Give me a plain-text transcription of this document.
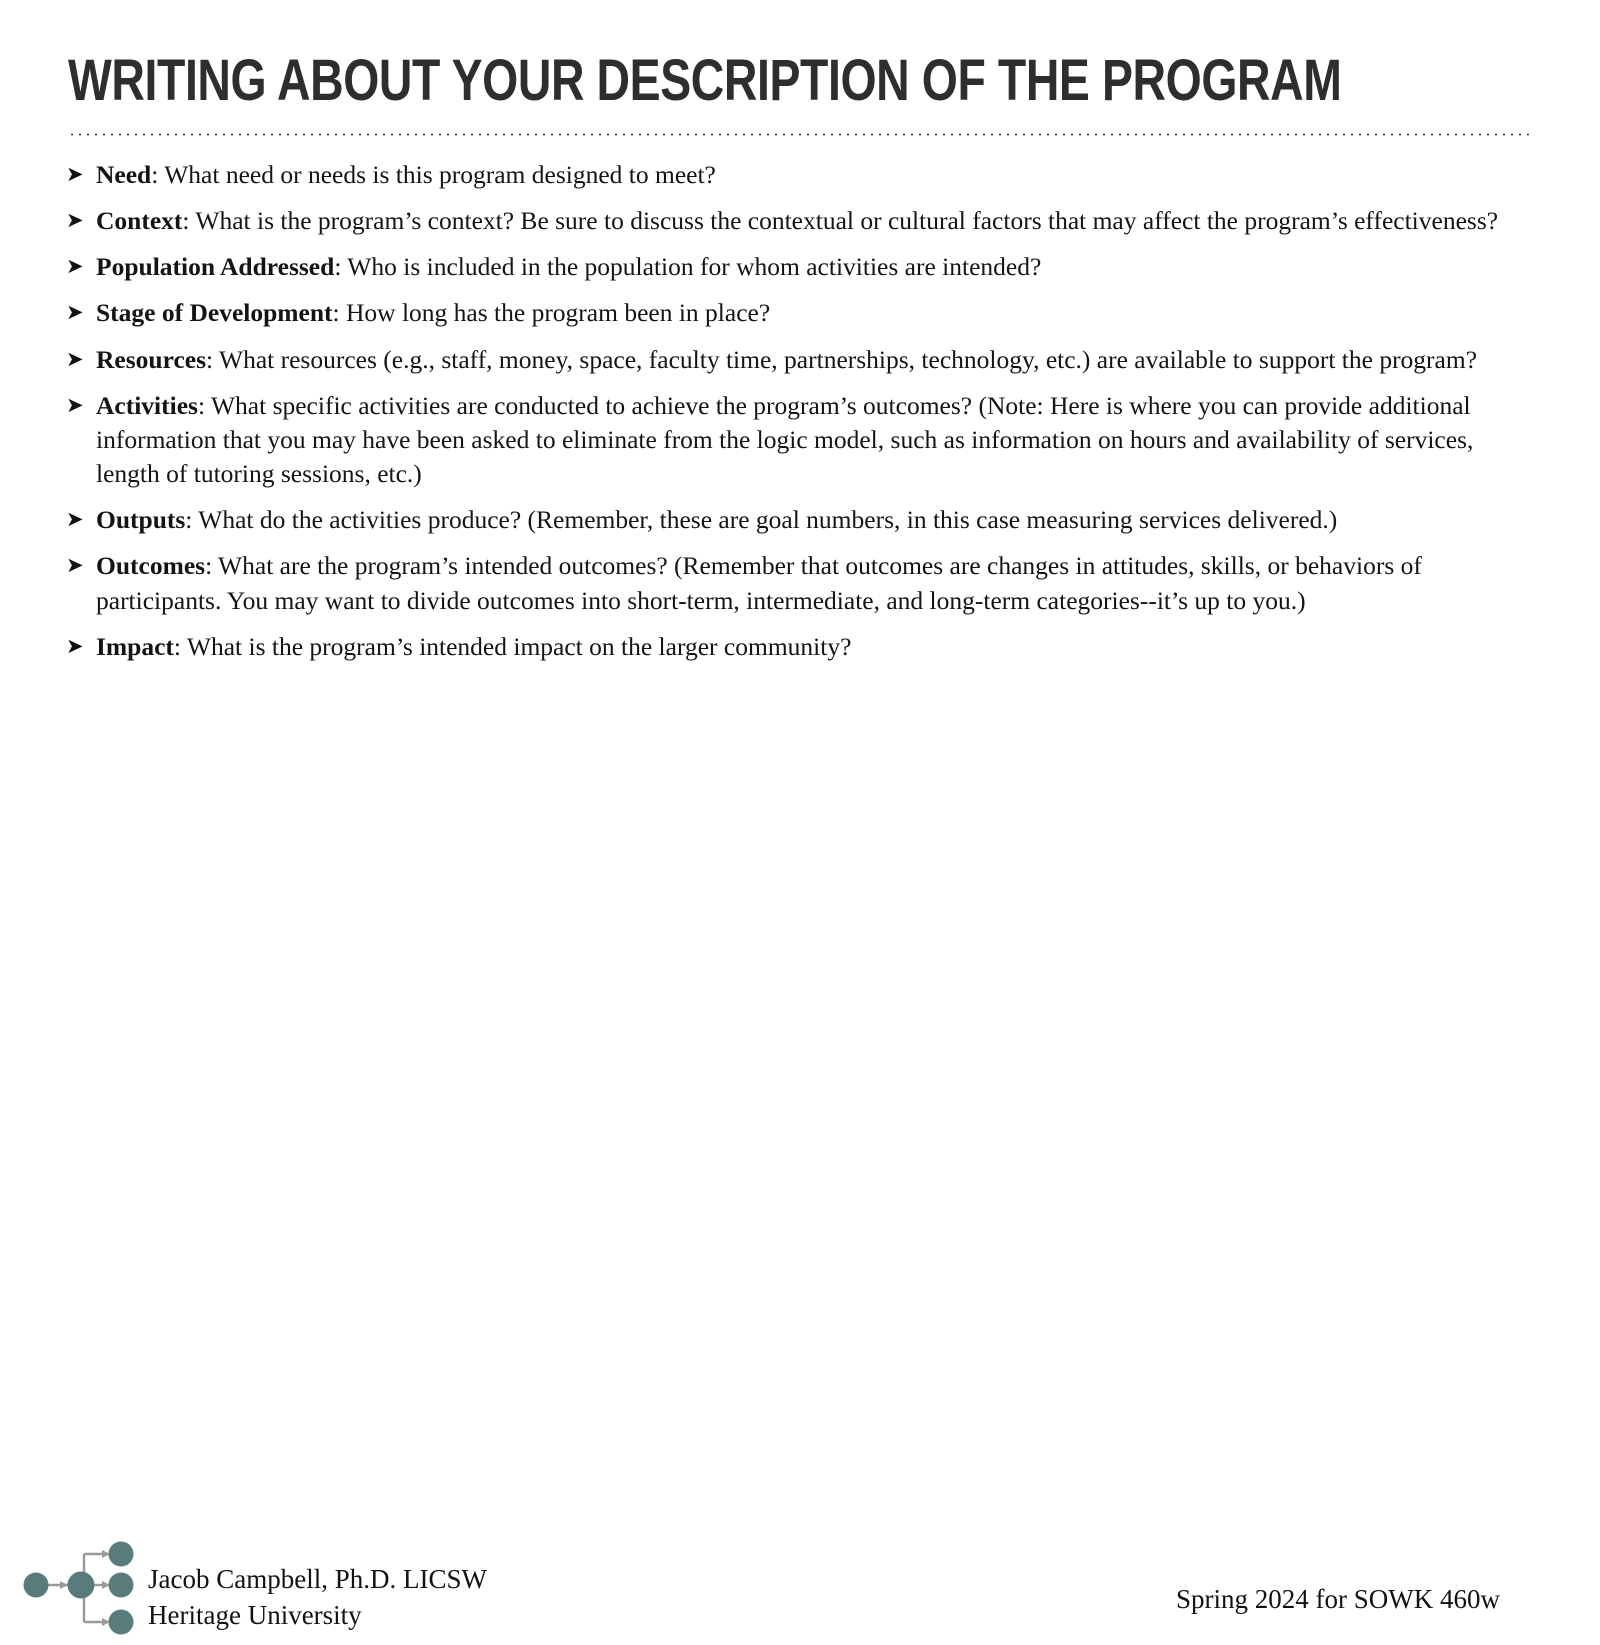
WRITING ABOUT YOUR DESCRIPTION OF THE PROGRAM
➤ Need: What need or needs is this program designed to meet?
➤ Context: What is the program’s context? Be sure to discuss the contextual or cultural factors that may affect the program’s effectiveness?
➤ Population Addressed: Who is included in the population for whom activities are intended?
➤ Stage of Development: How long has the program been in place?
➤ Resources: What resources (e.g., staff, money, space, faculty time, partnerships, technology, etc.) are available to support the program?
➤ Activities: What specific activities are conducted to achieve the program’s outcomes? (Note: Here is where you can provide additional information that you may have been asked to eliminate from the logic model, such as information on hours and availability of services, length of tutoring sessions, etc.)
➤ Outputs: What do the activities produce? (Remember, these are goal numbers, in this case measuring services delivered.)
➤ Outcomes: What are the program’s intended outcomes? (Remember that outcomes are changes in attitudes, skills, or behaviors of participants. You may want to divide outcomes into short-term, intermediate, and long-term categories--it’s up to you.)
➤ Impact: What is the program’s intended impact on the larger community?
Jacob Campbell, Ph.D. LICSW
Heritage University
Spring 2024 for SOWK 460w
